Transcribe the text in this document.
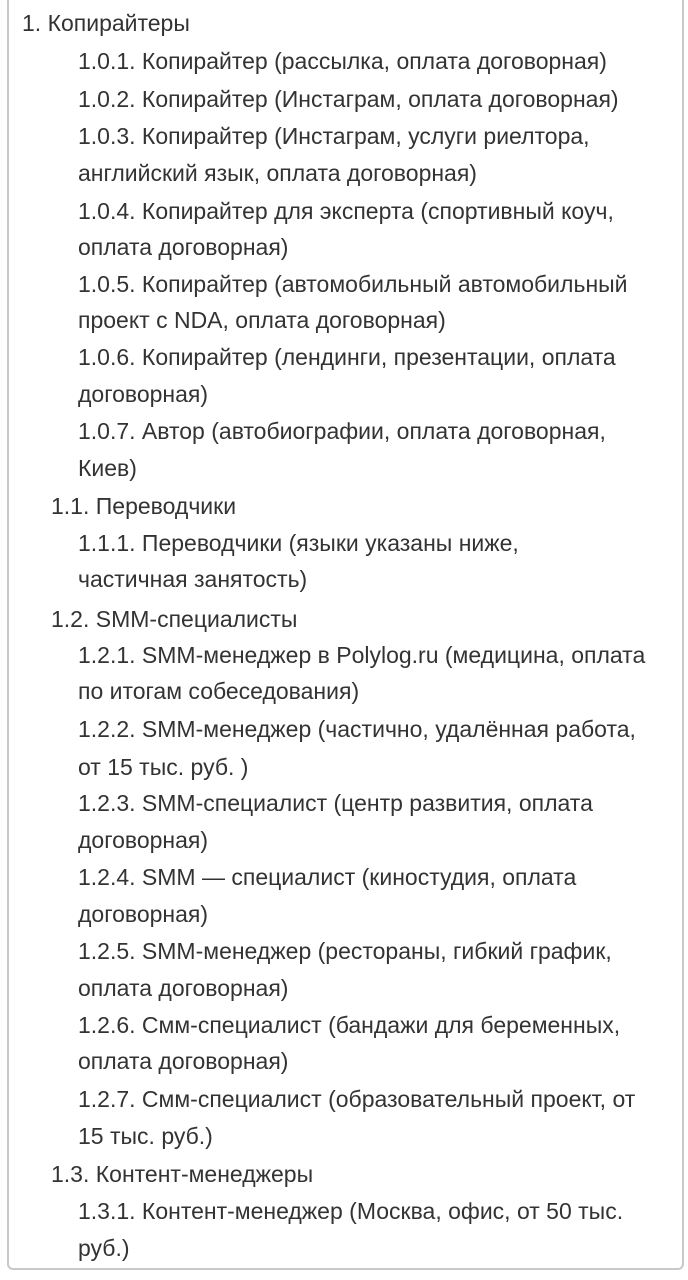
1. Копирайтеры
1.0.1. Копирайтер (рассылка, оплата договорная)
1.0.2. Копирайтер (Инстаграм, оплата договорная)
1.0.3. Копирайтер (Инстаграм, услуги риелтора,
английский язык, оплата договорная)
1.0.4. Копирайтер для эксперта (спортивный коуч,
оплата договорная)
1.0.5. Копирайтер (автомобильный автомобильный
проект с NDA, оплата договорная)
1.0.6. Копирайтер (лендинги, презентации, оплата
договорная)
1.0.7. Автор (автобиографии, оплата договорная,
Киев)
1.1. Переводчики
1.1.1. Переводчики (языки указаны ниже,
частичная занятость)
1.2. SMM-специалисты
1.2.1. SMM-менеджер в Polylog.ru (медицина, оплата
по итогам собеседования)
1.2.2. SMM-менеджер (частично, удалённая работа,
от 15 тыс. руб. )
1.2.3. SMM-специалист (центр развития, оплата
договорная)
1.2.4. SMM — специалист (киностудия, оплата
договорная)
1.2.5. SMM-менеджер (рестораны, гибкий график,
оплата договорная)
1.2.6. Смм-специалист (бандажи для беременных,
оплата договорная)
1.2.7. Смм-специалист (образовательный проект, от
15 тыс. руб.)
1.3. Контент-менеджеры
1.3.1. Контент-менеджер (Москва, офис, от 50 тыс.
руб.)
